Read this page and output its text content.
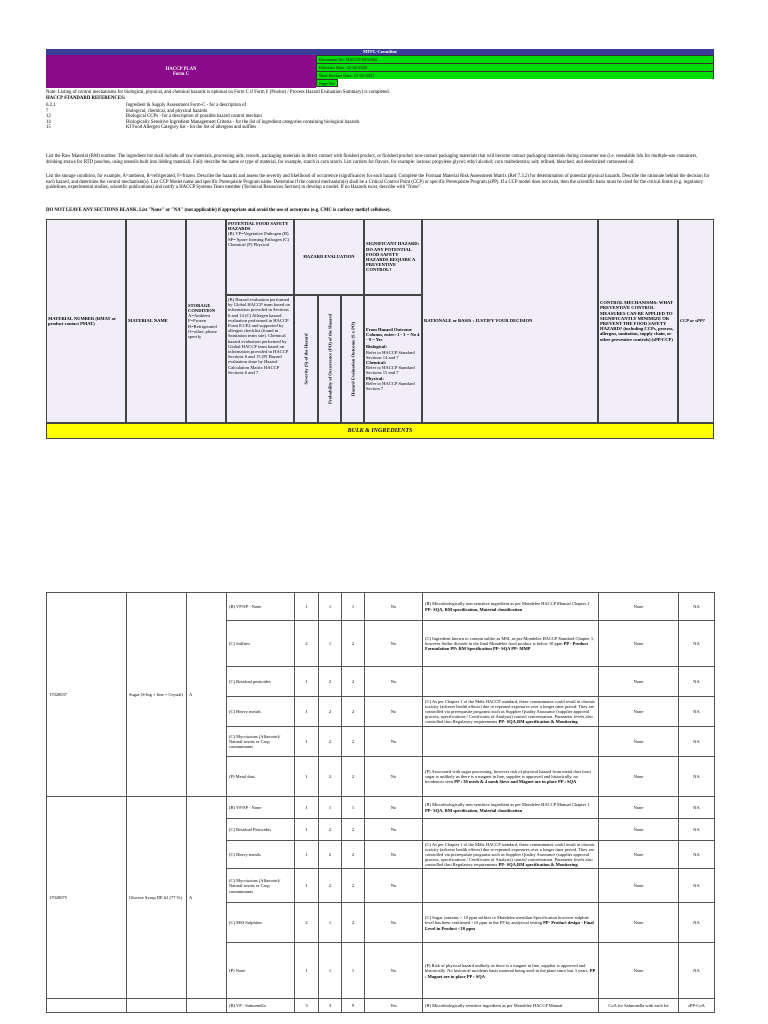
MFFL-Countline
HACCP PLAN
Form C
Document No: HACCP-MA/002
Effective Date: 22-02-2020
Next Review Date: 21-02-2021
Page No:
Note: Listing of control mechanisms for biological, physical, and chemical hazards is optional on Form C if Form F (Product / Process Hazard Evaluation Summary) is completed.
HACCP STANDARD REFERENCES:
6.2.1	Ingredient & Supply Assessment Form-C - for a description of
7	biological, chemical, and physical hazards
12	Biological CCPs - for a description of possible hazard control mechani
14	Biologically Sensitive Ingredient Management Criteria - for the list of ingredient categories containing biological hazards
15	Kf Food Allergen Category list - for the list of allergens and sulfites
List the Raw Material (RM) number. The ingredient list shall include all raw materials, processing aids, rework, packaging materials in direct contact with finished product, or finished product non-contact packaging materials that will become contact packaging materials during consumer use (i.e. resealable lids for multiple-use containers, drinking straws for RTD pouches, using utensils built into lidding material). Fully describe the name or type of material, for example, starch is corn starch. List carriers for flavors, for example: lactose; propylene glycol; ethyl alcohol; corn maltodextrin; salt; refined, bleached, and deodorized cottonseed oil.
List the storage condition, for example, A=ambient, R=refrigerated, F=frozen. Describe the hazards and assess the severity and likelihood of occurrence (significance) for each hazard. Complete the Formaat Material Risk Assessment Matrix (Ref 7.3.2) for determination of potential physical hazards. Describe the rationale behind the decision for each hazard, and determine the control mechanism(s). List CCP Model name and specific Prerequisite Program name. Determine if the control mechanism(s) shall be a Critical Control Point (CCP) or specific Prerequisite Program (sPP). If a CCP model does not exist, then the scientific basis must be cited for the critical limits (e.g. regulatory guidelines, experimental studies, scientific publications) and notify a HACCP Systems Team member (Technical Resources Section) to develop a model. If no Hazards exist, describe with "None".
DO NOT LEAVE ANY SECTIONS BLANK. List "None" or "NA" (not applicable) if appropriate and avoid the use of acronyms (e.g. CMC is carboxy methyl cellulose).
MATERIAL NUMBER (RMAT or product contact PMAT)
MATERIAL NAME
STORAGE CONDITION
A=Ambient F=Frozen R=Refrigerated O=other, please specify
POTENTIAL FOOD SAFETY HAZARDS
(B) VP=Vegetative Pathogen (B) SP= Spore forming Pathogen (C) Chemical (P) Physical
(B) Hazard evaluation performed by Global HACCP team based on information provided in Sections 6 and 14 (C) Allergen hazard evaluation performed in HACCP Form E1/E2 and supported by allergen checklist (found in Sanitation team site). Chemical hazard evaluation performed by Global HACCP team based on information provided in HACCP Sections 6 and 15 (P) Hazard evaluation done by Hazard Calculation Matrix HACCP Sections 6 and 7
HAZARD EVALUATION
Severity (S) of the Hazard	Probability of Occurrence (PO) of the Hazard	Hazard Evaluation Outcome (S x PO)
SIGNIFICANT HAZARD: DO ANY POTENTIAL FOOD SAFETY HAZARDS REQUIRE A PREVENTIVE CONTROL?
From Hazard Outcome Column, enter: 1 - 3 = No 4 - 9 = Yes
Biological:
Refer to HACCP Standard Sections 14 and 7
Chemical:
Refer to HACCP Standard Sections 15 and 7
Physical:
Refer to HACCP Standard Section 7
RATIONALE or BASIS : JUSTIFY YOUR DECISION
CONTROL MECHANISMS: WHAT PREVENTIVE CONTROL MEASURES CAN BE APPLIED TO SIGNIFICANTLY MINIMIZE OR PREVENT THE FOOD SAFETY HAZARD? (including CCPs, process, allergen, sanitation, supply chain, or other preventive controls) (sPP/CCP)
CCP or sPP?
BULK & INGREDIENTS
17020037	Sugar (S-big + fine + Crystal)	A	(B) VP/SP - None	1	1	1	No	(B) Microbiologically non-sensitive ingredient as per Mondelez HACCP Manual Chapter 1 PP- SQA, RM specification, Material classification	None	NA
			(C) Sulfites	2	1	2	No	(C) Ingredient known to contain sulfite as MSI, as per Mondelez HACCP Standard Chapter 1, however Sulfur dioxide in the final Mondelez food product is below 10 ppm PP - Product Formulation PP: RM Specification PP- SQA PP- MMP	None	NA
			(C) Residual pesticides	1	2	2	No		None	NA
			(C) Heavy metals	1	2	2	No	(C) As per Chapter 1 of the Mdlz HACCP standard, these contaminants could result in chronic toxicity (adverse health effects) due to repeated exposures over a longer time period. They are controlled via prerequisite programs such as Supplier Quality Assurance (supplier approval process, specifications / Certificates of Analysis) control concentration. Parameter levels also controlled thro Regulatory requirements PP- SQA,RM specification & Monitoring	None	NA
			(C) Mycotoxins (Aflatoxin)/ Natural toxins or Crop contaminants	1	2	2	No		None	NA
			(P) Metal dust	1	2	2	No	(P) Associated with sugar processing, however risk of physical hazard from metal dust from sugar is unlikely as there is a magnet in line, supplier is approved and historically, no incidences seen PP : 30 mesh & 4 mesh Sieve and Magnet are in place PP : SQA	None	NA
17020075	Glucose Syrup DE 62 (77 %)	A	(B) VP/SP - None	1	1	1	No	(B) Microbiologically non-sensitive ingredient as per Mondelez HACCP Manual Chapter 1 PP- SQA, RM specification, Material classification	None	NA
			(C) Residual Pesticides	1	2	2	No		None	NA
			(C) Heavy metals	1	2	2	No	(C) As per Chapter 1 of the Mdlz HACCP standard, these contaminants could result in chronic toxicity (adverse health effects) due to repeated exposures over a longer time period. They are controlled via prerequisite programs such as Supplier Quality Assurance (supplier approval process, specifications / Certificates of Analysis) control concentration. Parameter levels also controlled thro Regulatory requirements PP- SQA,RM specification & Monitoring	None	NA
			(C) Mycotoxins (Aflatoxin)/ Natural toxins or Crop contaminants	1	2	2	No		None	NA
			(C) MSI Sulphites	2	1	2	No	(C) Sugar contains > 10 ppm sulfites to Mondelez meridian Specification however sulphite level has been confirmed <10 ppm in the FP by analytical testing PP- Product design - Final Level in Product <10 ppm	None	NA
			(P) None	1	1	1	No	(P) Risk of physical hazard unlikely as there is a magnet in line, supplier is approved and historically. No historical incidents basis material being used in the plant since last 3 years. PP : Magnet are in place PP : SQA	None	NA
			(B) VP - Salmonella	3	3	9	Yes	(B) Microbiologically sensitive ingredient as per Mondelez HACCP Manual	CoA for Salmonella with each lot	sPP-CoA
